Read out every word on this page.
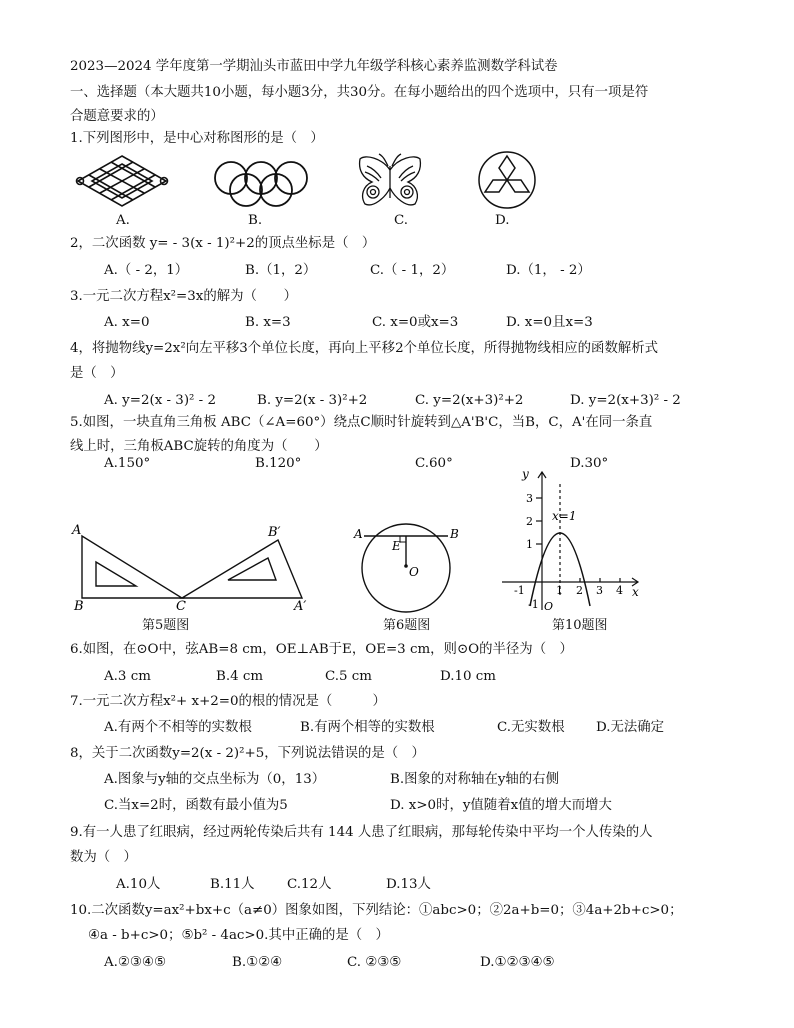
2023—2024 学年度第一学期汕头市蓝田中学九年级学科核心素养监测数学科试卷
一、选择题（本大题共10小题，每小题3分，共30分。在每小题给出的四个选项中，只有一项是符
合题意要求的）
1.下列图形中，是中心对称图形的是（　）
A.	B.	C.	D.
2，二次函数 y= - 3(x - 1)²+2的顶点坐标是（　）
A.（ - 2，1）	B.（1，2）	C.（ - 1，2）	D.（1， - 2）
3.一元二次方程x²=3x的解为（　　）
A. x=0	B. x=3	C. x=0或x=3	D. x=0且x=3
4，将抛物线y=2x²向左平移3个单位长度，再向上平移2个单位长度，所得抛物线相应的函数解析式
是（　）
A. y=2(x - 3)² - 2	B. y=2(x - 3)²+2	C. y=2(x+3)²+2	D. y=2(x+3)² - 2
5.如图，一块直角三角板 ABC（∠A=60°）绕点C顺时针旋转到△A'B'C，当B，C，A'在同一条直
线上时，三角板ABC旋转的角度为（　　）
A.150°	B.120°	C.60°	D.30°
A
B	C
B′
A′
第5题图
A	B
E
O
第6题图
y
x
x=1
O
3
2
1
-1
-1	1 2 3 4
第10题图
6.如图，在⊙O中，弦AB=8 cm，OE⊥AB于E，OE=3 cm，则⊙O的半径为（　）
A.3 cm	B.4 cm	C.5 cm	D.10 cm
7.一元二次方程x²+ x+2=0的根的情况是（　　　）
A.有两个不相等的实数根	B.有两个相等的实数根	C.无实数根 D.无法确定
8，关于二次函数y=2(x - 2)²+5，下列说法错误的是（　）
A.图象与y轴的交点坐标为（0，13）	B.图象的对称轴在y轴的右侧
C.当x=2时，函数有最小值为5	D. x>0时，y值随着x值的增大而增大
9.有一人患了红眼病，经过两轮传染后共有 144 人患了红眼病，那每轮传染中平均一个人传染的人
数为（　）
A.10人	B.11人 C.12人	D.13人
10.二次函数y=ax²+bx+c（a≠0）图象如图，下列结论：①abc>0；②2a+b=0；③4a+2b+c>0；
④a - b+c>0；⑤b² - 4ac>0.其中正确的是（　）
A.②③④⑤	B.①②④	C. ②③⑤	D.①②③④⑤
